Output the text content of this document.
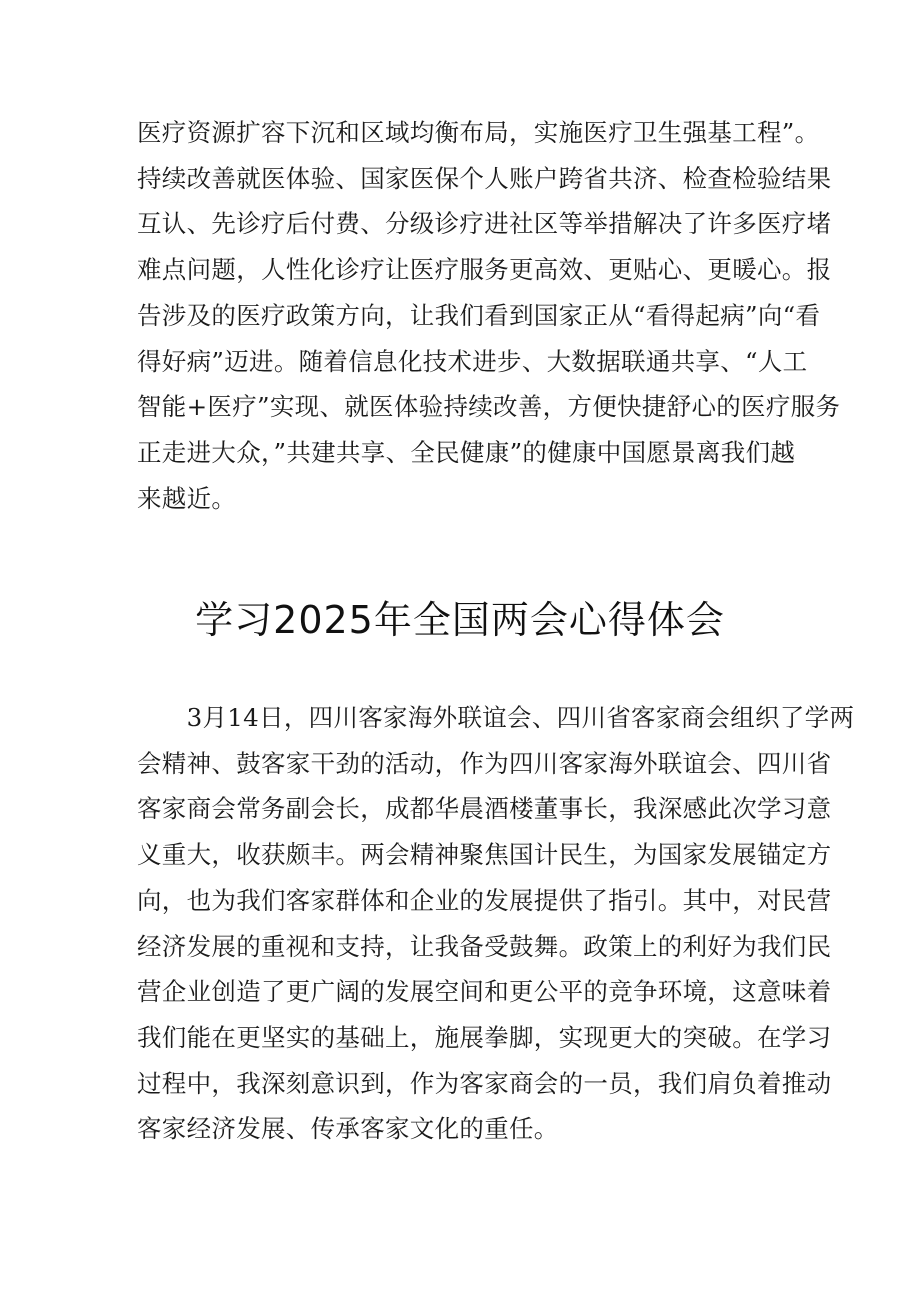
医疗资源扩容下沉和区域均衡布局，实施医疗卫生强基工程”。
持续改善就医体验、国家医保个人账户跨省共济、检查检验结果
互认、先诊疗后付费、分级诊疗进社区等举措解决了许多医疗堵
难点问题，人性化诊疗让医疗服务更高效、更贴心、更暖心。报
告涉及的医疗政策方向，让我们看到国家正从“看得起病”向“看
得好病”迈进。随着信息化技术进步、大数据联通共享、“人工
智能+医疗”实现、就医体验持续改善，方便快捷舒心的医疗服务
正走进大众，”共建共享、全民健康”的健康中国愿景离我们越
来越近。
学习2025年全国两会心得体会
　　3月14日，四川客家海外联谊会、四川省客家商会组织了学两
会精神、鼓客家干劲的活动，作为四川客家海外联谊会、四川省
客家商会常务副会长，成都华晨酒楼董事长，我深感此次学习意
义重大，收获颇丰。两会精神聚焦国计民生，为国家发展锚定方
向，也为我们客家群体和企业的发展提供了指引。其中，对民营
经济发展的重视和支持，让我备受鼓舞。政策上的利好为我们民
营企业创造了更广阔的发展空间和更公平的竞争环境，这意味着
我们能在更坚实的基础上，施展拳脚，实现更大的突破。在学习
过程中，我深刻意识到，作为客家商会的一员，我们肩负着推动
客家经济发展、传承客家文化的重任。
